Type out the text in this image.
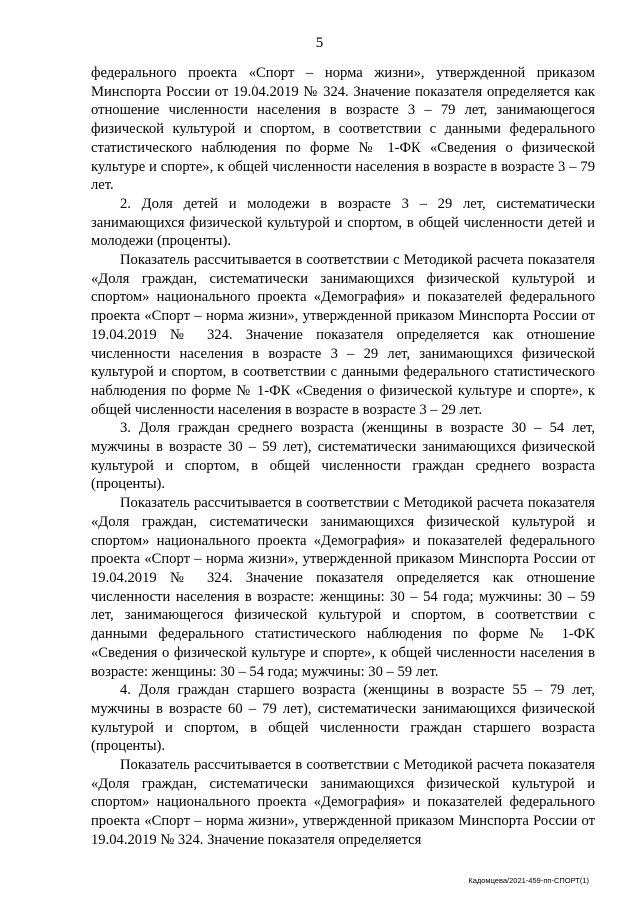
5

федерального проекта «Спорт – норма жизни», утвержденной приказом Минспорта России от 19.04.2019 № 324. Значение показателя определяется как отношение численности населения в возрасте 3 – 79 лет, занимающегося физической культурой и спортом, в соответствии с данными федерального статистического наблюдения по форме № 1-ФК «Сведения о физической культуре и спорте», к общей численности населения в возрасте в возрасте 3 – 79 лет.

2. Доля детей и молодежи в возрасте 3 – 29 лет, систематически занимающихся физической культурой и спортом, в общей численности детей и молодежи (проценты).

Показатель рассчитывается в соответствии с Методикой расчета показателя «Доля граждан, систематически занимающихся физической культурой и спортом» национального проекта «Демография» и показателей федерального проекта «Спорт – норма жизни», утвержденной приказом Минспорта России от 19.04.2019 № 324. Значение показателя определяется как отношение численности населения в возрасте 3 – 29 лет, занимающихся физической культурой и спортом, в соответствии с данными федерального статистического наблюдения по форме № 1-ФК «Сведения о физической культуре и спорте», к общей численности населения в возрасте в возрасте 3 – 29 лет.

3. Доля граждан среднего возраста (женщины в возрасте 30 – 54 лет, мужчины в возрасте 30 – 59 лет), систематически занимающихся физической культурой и спортом, в общей численности граждан среднего возраста (проценты).

Показатель рассчитывается в соответствии с Методикой расчета показателя «Доля граждан, систематически занимающихся физической культурой и спортом» национального проекта «Демография» и показателей федерального проекта «Спорт – норма жизни», утвержденной приказом Минспорта России от 19.04.2019 № 324. Значение показателя определяется как отношение численности населения в возрасте: женщины: 30 – 54 года; мужчины: 30 – 59 лет, занимающегося физической культурой и спортом, в соответствии с данными федерального статистического наблюдения по форме № 1-ФК «Сведения о физической культуре и спорте», к общей численности населения в возрасте: женщины: 30 – 54 года; мужчины: 30 – 59 лет.

4. Доля граждан старшего возраста (женщины в возрасте 55 – 79 лет, мужчины в возрасте 60 – 79 лет), систематически занимающихся физической культурой и спортом, в общей численности граждан старшего возраста (проценты).

Показатель рассчитывается в соответствии с Методикой расчета показателя «Доля граждан, систематически занимающихся физической культурой и спортом» национального проекта «Демография» и показателей федерального проекта «Спорт – норма жизни», утвержденной приказом Минспорта России от 19.04.2019 № 324. Значение показателя определяется

Кадомцева/2021-459-пп-СПОРТ(1)
